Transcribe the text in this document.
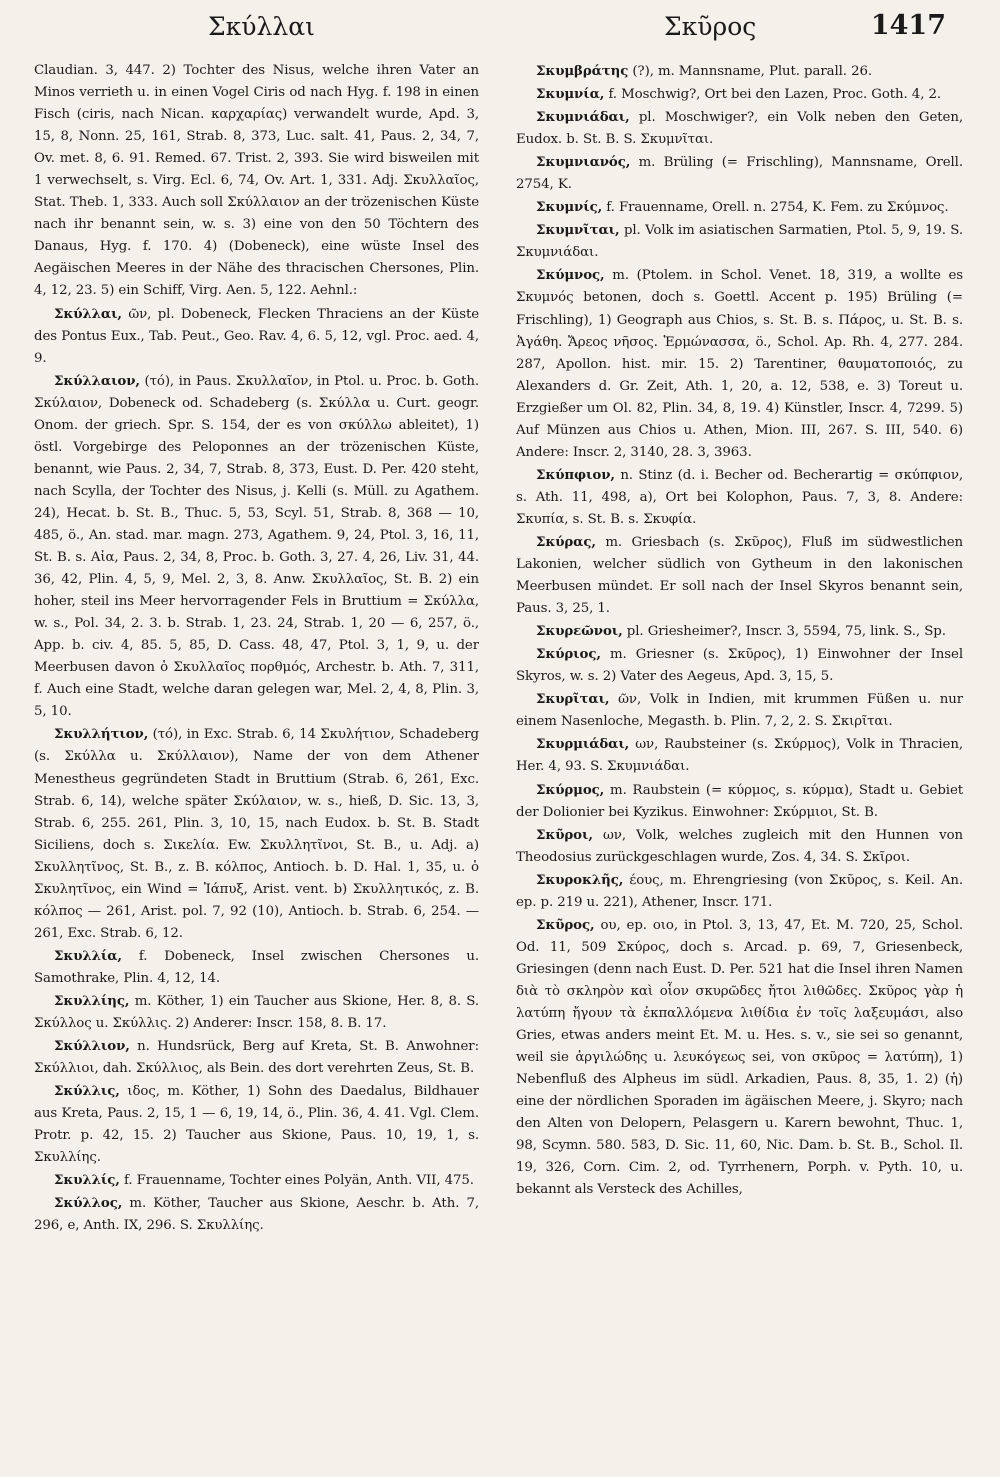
Σκύλλαι	Σκῦρος	1417

Claudian. 3, 447. 2) Tochter des Nisus, welche ihren Vater an Minos verrieth u. in einen Vogel Ciris od nach Hyg. f. 198 in einen Fisch (ciris, nach Nican. καρχαρίας) verwandelt wurde, Apd. 3, 15, 8, Nonn. 25, 161, Strab. 8, 373, Luc. salt. 41, Paus. 2, 34, 7, Ov. met. 8, 6. 91. Remed. 67. Trist. 2, 393. Sie wird bisweilen mit 1 verwechselt, s. Virg. Ecl. 6, 74, Ov. Art. 1, 331. Adj. Σκυλλαῖος, Stat. Theb. 1, 333. Auch soll Σκύλλαιον an der trözenischen Küste nach ihr benannt sein, w. s. 3) eine von den 50 Töchtern des Danaus, Hyg. f. 170. 4) (Dobeneck), eine wüste Insel des Aegäischen Meeres in der Nähe des thracischen Chersones, Plin. 4, 12, 23. 5) ein Schiff, Virg. Aen. 5, 122. Aehnl.:

Σκύλλαι, ῶν, pl. Dobeneck, Flecken Thraciens an der Küste des Pontus Eux., Tab. Peut., Geo. Rav. 4, 6. 5, 12, vgl. Proc. aed. 4, 9.

Σκύλλαιον, (τό), in Paus. Σκυλλαῖον, in Ptol. u. Proc. b. Goth. Σκύλαιον, Dobeneck od. Schadeberg (s. Σκύλλα u. Curt. geogr. Onom. der griech. Spr. S. 154, der es von σκύλλω ableitet), 1) östl. Vorgebirge des Peloponnes an der trözenischen Küste, benannt, wie Paus. 2, 34, 7, Strab. 8, 373, Eust. D. Per. 420 steht, nach Scylla, der Tochter des Nisus, j. Kelli (s. Müll. zu Agathem. 24), Hecat. b. St. B., Thuc. 5, 53, Scyl. 51, Strab. 8, 368 — 10, 485, ö., An. stad. mar. magn. 273, Agathem. 9, 24, Ptol. 3, 16, 11, St. B. s. Αἰα, Paus. 2, 34, 8, Proc. b. Goth. 3, 27. 4, 26, Liv. 31, 44. 36, 42, Plin. 4, 5, 9, Mel. 2, 3, 8. Anw. Σκυλλαῖος, St. B. 2) ein hoher, steil ins Meer hervorragender Fels in Bruttium = Σκύλλα, w. s., Pol. 34, 2. 3. b. Strab. 1, 23. 24, Strab. 1, 20 — 6, 257, ö., App. b. civ. 4, 85. 5, 85, D. Cass. 48, 47, Ptol. 3, 1, 9, u. der Meerbusen davon ὁ Σκυλλαῖος πορθμός, Archestr. b. Ath. 7, 311, f. Auch eine Stadt, welche daran gelegen war, Mel. 2, 4, 8, Plin. 3, 5, 10.

Σκυλλήτιον, (τό), in Exc. Strab. 6, 14 Σκυλήτιον, Schadeberg (s. Σκύλλα u. Σκύλλαιον), Name der von dem Athener Menestheus gegründeten Stadt in Bruttium (Strab. 6, 261, Exc. Strab. 6, 14), welche später Σκύλαιον, w. s., hieß, D. Sic. 13, 3, Strab. 6, 255. 261, Plin. 3, 10, 15, nach Eudox. b. St. B. Stadt Siciliens, doch s. Σικελία. Ew. Σκυλλητῖνοι, St. B., u. Adj. a) Σκυλλητῖνος, St. B., z. B. κόλπος, Antioch. b. D. Hal. 1, 35, u. ὁ Σκυλητῖνος, ein Wind = Ἰάπυξ, Arist. vent. b) Σκυλλητικός, z. B. κόλπος — 261, Arist. pol. 7, 92 (10), Antioch. b. Strab. 6, 254. — 261, Exc. Strab. 6, 12.

Σκυλλία, f. Dobeneck, Insel zwischen Chersones u. Samothrake, Plin. 4, 12, 14.

Σκυλλίης, m. Köther, 1) ein Taucher aus Skione, Her. 8, 8. S. Σκύλλος u. Σκύλλις. 2) Anderer: Inscr. 158, 8. B. 17.

Σκύλλιον, n. Hundsrück, Berg auf Kreta, St. B. Anwohner: Σκύλλιοι, dah. Σκύλλιος, als Bein. des dort verehrten Zeus, St. B.

Σκύλλις, ιδος, m. Köther, 1) Sohn des Daedalus, Bildhauer aus Kreta, Paus. 2, 15, 1 — 6, 19, 14, ö., Plin. 36, 4. 41. Vgl. Clem. Protr. p. 42, 15. 2) Taucher aus Skione, Paus. 10, 19, 1, s. Σκυλλίης.

Σκυλλίς, f. Frauenname, Tochter eines Polyän, Anth. VII, 475.

Σκύλλος, m. Köther, Taucher aus Skione, Aeschr. b. Ath. 7, 296, e, Anth. IX, 296. S. Σκυλλίης.

Σκυμβράτης (?), m. Mannsname, Plut. parall. 26.

Σκυμνία, f. Moschwig?, Ort bei den Lazen, Proc. Goth. 4, 2.

Σκυμνιάδαι, pl. Moschwiger?, ein Volk neben den Geten, Eudox. b. St. B. S. Σκυμνῖται.

Σκυμνιανός, m. Brüling (= Frischling), Mannsname, Orell. 2754, K.

Σκυμνίς, f. Frauenname, Orell. n. 2754, K. Fem. zu Σκύμνος.

Σκυμνῖται, pl. Volk im asiatischen Sarmatien, Ptol. 5, 9, 19. S. Σκυμνιάδαι.

Σκύμνος, m. (Ptolem. in Schol. Venet. 18, 319, a wollte es Σκυμνός betonen, doch s. Goettl. Accent p. 195) Brüling (= Frischling), 1) Geograph aus Chios, s. St. B. s. Πάρος, u. St. B. s. Ἀγάθη. Ἄρεος νῆσος. Ἑρμώνασσα, ö., Schol. Ap. Rh. 4, 277. 284. 287, Apollon. hist. mir. 15. 2) Tarentiner, θαυματοποιός, zu Alexanders d. Gr. Zeit, Ath. 1, 20, a. 12, 538, e. 3) Toreut u. Erzgießer um Ol. 82, Plin. 34, 8, 19. 4) Künstler, Inscr. 4, 7299. 5) Auf Münzen aus Chios u. Athen, Mion. III, 267. S. III, 540. 6) Andere: Inscr. 2, 3140, 28. 3, 3963.

Σκύπφιον, n. Stinz (d. i. Becher od. Becherartig = σκύπφιον, s. Ath. 11, 498, a), Ort bei Kolophon, Paus. 7, 3, 8. Andere: Σκυπία, s. St. B. s. Σκυφία.

Σκύρας, m. Griesbach (s. Σκῦρος), Fluß im südwestlichen Lakonien, welcher südlich von Gytheum in den lakonischen Meerbusen mündet. Er soll nach der Insel Skyros benannt sein, Paus. 3, 25, 1.

Σκυρεῶνοι, pl. Griesheimer?, Inscr. 3, 5594, 75, link. S., Sp.

Σκύριος, m. Griesner (s. Σκῦρος), 1) Einwohner der Insel Skyros, w. s. 2) Vater des Aegeus, Apd. 3, 15, 5.

Σκυρῖται, ῶν, Volk in Indien, mit krummen Füßen u. nur einem Nasenloche, Megasth. b. Plin. 7, 2, 2. S. Σκιρῖται.

Σκυρμιάδαι, ων, Raubsteiner (s. Σκύρμος), Volk in Thracien, Her. 4, 93. S. Σκυμνιάδαι.

Σκύρμος, m. Raubstein (= κύρμος, s. κύρμα), Stadt u. Gebiet der Dolionier bei Kyzikus. Einwohner: Σκύρμιοι, St. B.

Σκῦροι, ων, Volk, welches zugleich mit den Hunnen von Theodosius zurückgeschlagen wurde, Zos. 4, 34. S. Σκῖροι.

Σκυροκλῆς, έους, m. Ehrengriesing (von Σκῦρος, s. Keil. An. ep. p. 219 u. 221), Athener, Inscr. 171.

Σκῦρος, ου, ep. οιο, in Ptol. 3, 13, 47, Et. M. 720, 25, Schol. Od. 11, 509 Σκύρος, doch s. Arcad. p. 69, 7, Griesenbeck, Griesingen (denn nach Eust. D. Per. 521 hat die Insel ihren Namen διὰ τὸ σκληρὸν καὶ οἷον σκυρῶδες ἤτοι λιθῶδες. Σκῦρος γὰρ ἡ λατύπη ἤγουν τὰ ἐκπαλλόμενα λιθίδια ἐν τοῖς λαξευμάσι, also Gries, etwas anders meint Et. M. u. Hes. s. v., sie sei so genannt, weil sie ἀργιλώδης u. λευκόγεως sei, von σκῦρος = λατύπη), 1) Nebenfluß des Alpheus im südl. Arkadien, Paus. 8, 35, 1. 2) (ἡ) eine der nördlichen Sporaden im ägäischen Meere, j. Skyro; nach den Alten von Delopern, Pelasgern u. Karern bewohnt, Thuc. 1, 98, Scymn. 580. 583, D. Sic. 11, 60, Nic. Dam. b. St. B., Schol. Il. 19, 326, Corn. Cim. 2, od. Tyrrhenern, Porph. v. Pyth. 10, u. bekannt als Versteck des Achilles,
